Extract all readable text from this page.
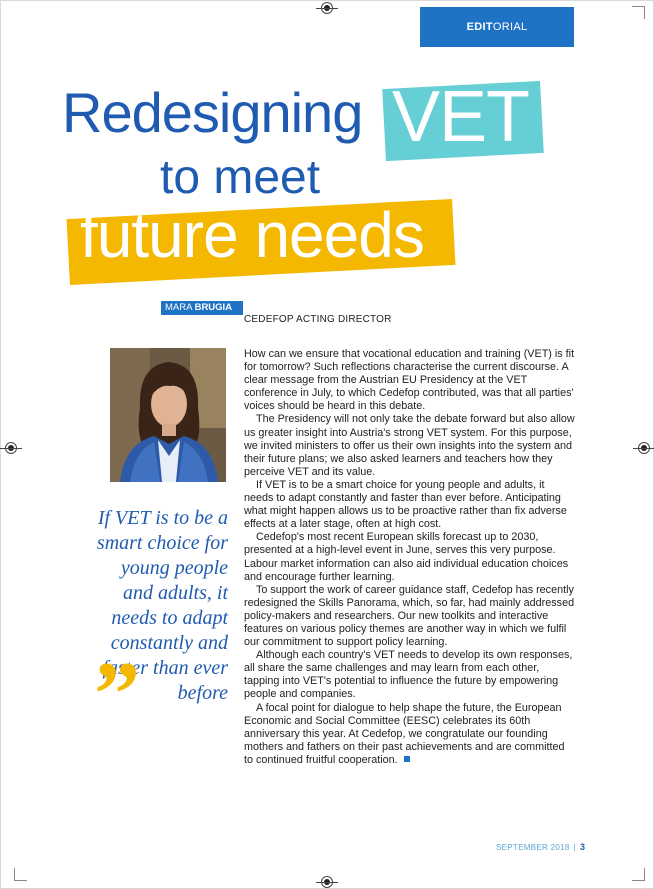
EDIT ORIAL
Redesigning VET
to meet
future needs
MARA BRUGIA
CEDEFOP ACTING DIRECTOR
If VET is to be a smart choice for young people and adults, it needs to adapt constantly and faster than ever before
”

How can we ensure that vocational education and training (VET) is fit for tomorrow? Such reflections characterise the current discourse. A clear message from the Austrian EU Presidency at the VET conference in July, to which Cedefop contributed, was that all parties' voices should be heard in this debate.

The Presidency will not only take the debate forward but also allow us greater insight into Austria's strong VET system. For this purpose, we invited ministers to offer us their own insights into the system and their future plans; we also asked learners and teachers how they perceive VET and its value.

If VET is to be a smart choice for young people and adults, it needs to adapt constantly and faster than ever before. Anticipating what might happen allows us to be proactive rather than fix adverse effects at a later stage, often at high cost.

Cedefop's most recent European skills forecast up to 2030, presented at a high-level event in June, serves this very purpose. Labour market information can also aid individual education choices and encourage further learning.

To support the work of career guidance staff, Cedefop has recently redesigned the Skills Panorama, which, so far, had mainly addressed policy-makers and researchers. Our new toolkits and interactive features on various policy themes are another way in which we fulfil our commitment to support policy learning.

Although each country's VET needs to develop its own responses, all share the same challenges and may learn from each other, tapping into VET's potential to influence the future by empowering people and companies.

A focal point for dialogue to help shape the future, the European Economic and Social Committee (EESC) celebrates its 60th anniversary this year. At Cedefop, we congratulate our founding mothers and fathers on their past achievements and are committed to continued fruitful cooperation.

SEPTEMBER 2018 | 3
